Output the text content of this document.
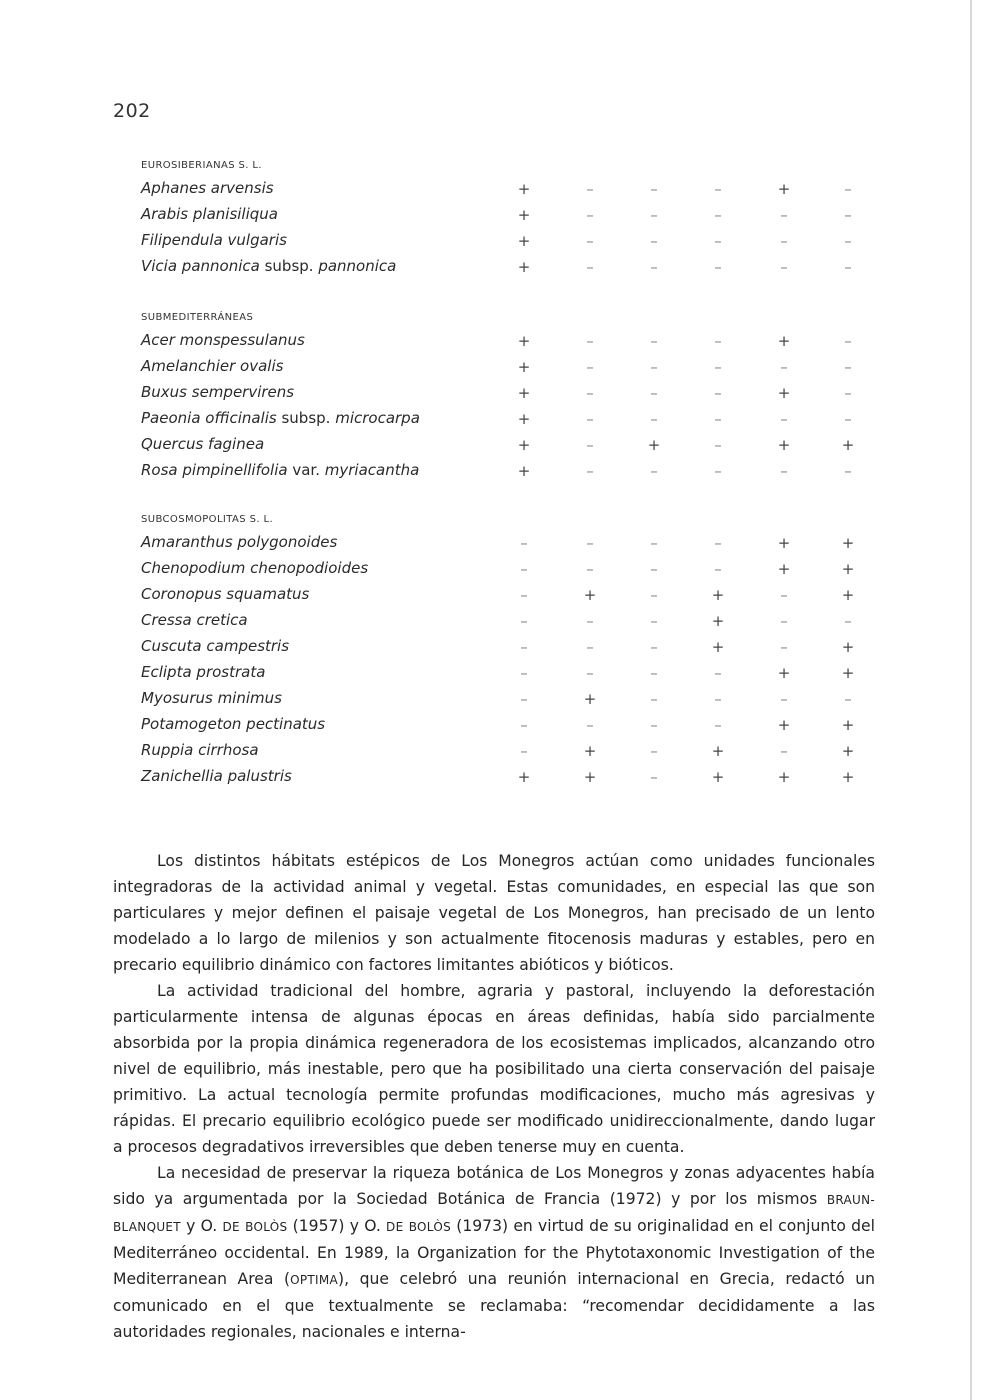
202
EUROSIBERIANAS S. L.
Aphanes arvensis	+	–	–	–	+	–
Arabis planisiliqua	+	–	–	–	–	–
Filipendula vulgaris	+	–	–	–	–	–
Vicia pannonica subsp. pannonica	+	–	–	–	–	–
SUBMEDITERRÁNEAS
Acer monspessulanus	+	–	–	–	+	–
Amelanchier ovalis	+	–	–	–	–	–
Buxus sempervirens	+	–	–	–	+	–
Paeonia officinalis subsp. microcarpa	+	–	–	–	–	–
Quercus faginea	+	–	+	–	+	+
Rosa pimpinellifolia var. myriacantha	+	–	–	–	–	–
SUBCOSMOPOLITAS S. L.
Amaranthus polygonoides	–	–	–	–	+	+
Chenopodium chenopodioides	–	–	–	–	+	+
Coronopus squamatus	–	+	–	+	–	+
Cressa cretica	–	–	–	+	–	–
Cuscuta campestris	–	–	–	+	–	+
Eclipta prostrata	–	–	–	–	+	+
Myosurus minimus	–	+	–	–	–	–
Potamogeton pectinatus	–	–	–	–	+	+
Ruppia cirrhosa	–	+	–	+	–	+
Zanichellia palustris	+	+	–	+	+	+

Los distintos hábitats estépicos de Los Monegros actúan como unidades funcionales integradoras de la actividad animal y vegetal. Estas comunidades, en especial las que son particulares y mejor definen el paisaje vegetal de Los Monegros, han precisado de un lento modelado a lo largo de milenios y son actualmente fitocenosis maduras y estables, pero en precario equilibrio dinámico con factores limitantes abióticos y bióticos.

La actividad tradicional del hombre, agraria y pastoral, incluyendo la deforestación particularmente intensa de algunas épocas en áreas definidas, había sido parcialmente absorbida por la propia dinámica regeneradora de los ecosistemas implicados, alcanzando otro nivel de equilibrio, más inestable, pero que ha posibilitado una cierta conservación del paisaje primitivo. La actual tecnología permite profundas modificaciones, mucho más agresivas y rápidas. El precario equilibrio ecológico puede ser modificado unidireccionalmente, dando lugar a procesos degradativos irreversibles que deben tenerse muy en cuenta.

La necesidad de preservar la riqueza botánica de Los Monegros y zonas adyacentes había sido ya argumentada por la Sociedad Botánica de Francia (1972) y por los mismos BRAUN-BLANQUET y O. DE BOLÒS (1957) y O. DE BOLÒS (1973) en virtud de su originalidad en el conjunto del Mediterráneo occidental. En 1989, la Organization for the Phytotaxonomic Investigation of the Mediterranean Area (OPTIMA), que celebró una reunión internacional en Grecia, redactó un comunicado en el que textualmente se reclamaba: “recomendar decididamente a las autoridades regionales, nacionales e interna-
